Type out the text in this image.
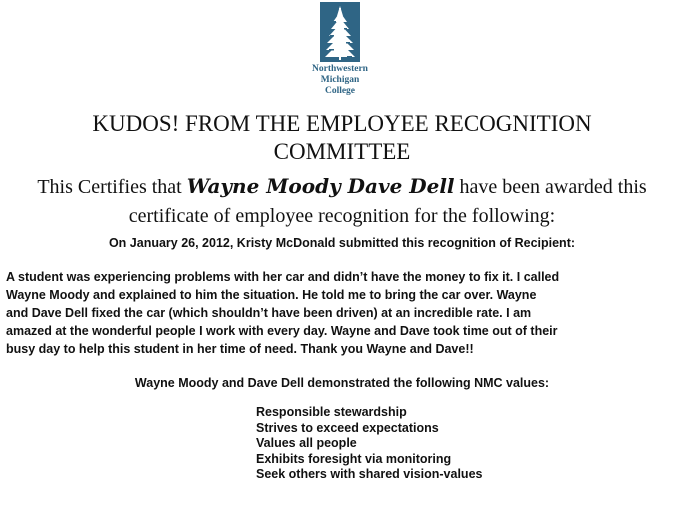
Northwestern
Michigan
College
KUDOS! FROM THE EMPLOYEE RECOGNITION
COMMITTEE
This Certifies that Wayne Moody Dave Dell have been awarded this
certificate of employee recognition for the following:
On January 26, 2012, Kristy McDonald submitted this recognition of Recipient:
A student was experiencing problems with her car and didn’t have the money to fix it. I called
Wayne Moody and explained to him the situation. He told me to bring the car over. Wayne
and Dave Dell fixed the car (which shouldn’t have been driven) at an incredible rate. I am
amazed at the wonderful people I work with every day. Wayne and Dave took time out of their
busy day to help this student in her time of need. Thank you Wayne and Dave!!
Wayne Moody and Dave Dell demonstrated the following NMC values:
Responsible stewardship
Strives to exceed expectations
Values all people
Exhibits foresight via monitoring
Seek others with shared vision-values
